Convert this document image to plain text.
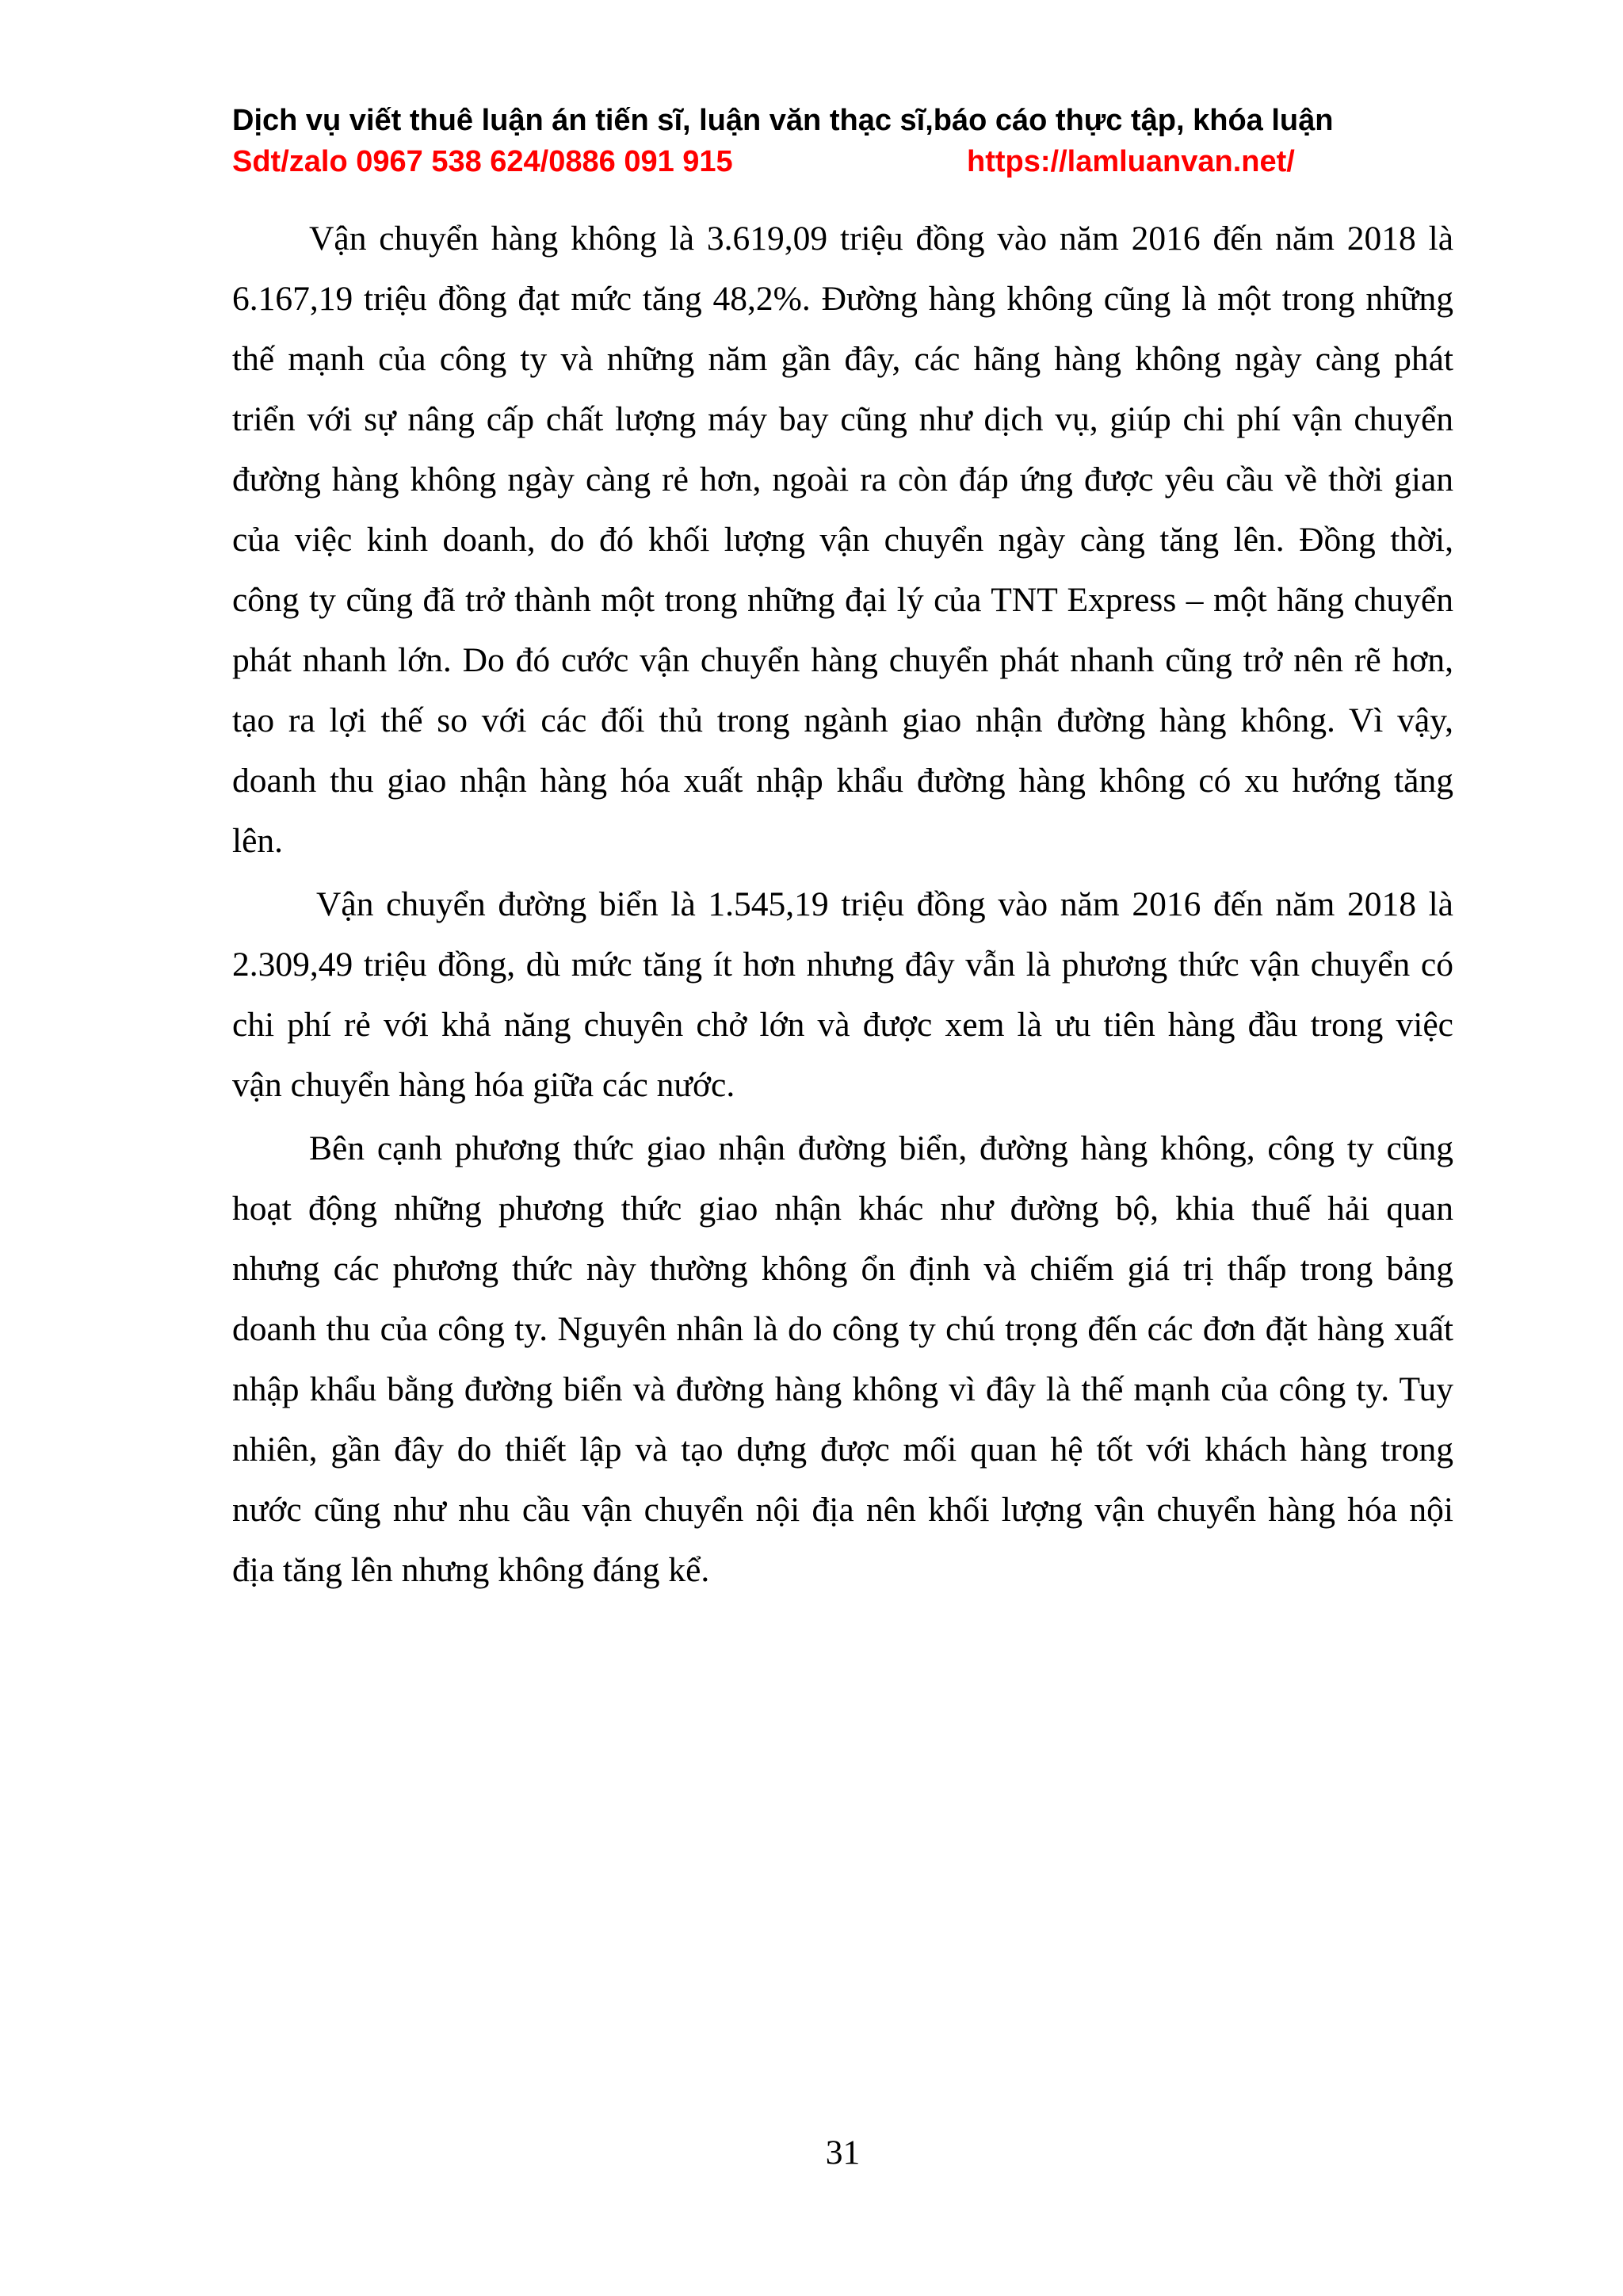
Dịch vụ viết thuê luận án tiến sĩ, luận văn thạc sĩ,báo cáo thực tập, khóa luận
Sdt/zalo 0967 538 624/0886 091 915	https://lamluanvan.net/
Vận chuyển hàng không là 3.619,09 triệu đồng vào năm 2016 đến năm 2018 là
6.167,19 triệu đồng đạt mức tăng 48,2%. Đường hàng không cũng là một trong những
thế mạnh của công ty và những năm gần đây, các hãng hàng không ngày càng phát
triển với sự nâng cấp chất lượng máy bay cũng như dịch vụ, giúp chi phí vận chuyển
đường hàng không ngày càng rẻ hơn, ngoài ra còn đáp ứng được yêu cầu về thời gian
của việc kinh doanh, do đó khối lượng vận chuyển ngày càng tăng lên. Đồng thời,
công ty cũng đã trở thành một trong những đại lý của TNT Express – một hãng chuyển
phát nhanh lớn. Do đó cước vận chuyển hàng chuyển phát nhanh cũng trở nên rẽ hơn,
tạo ra lợi thế so với các đối thủ trong ngành giao nhận đường hàng không. Vì vậy,
doanh thu giao nhận hàng hóa xuất nhập khẩu đường hàng không có xu hướng tăng
lên.
Vận chuyển đường biển là 1.545,19 triệu đồng vào năm 2016 đến năm 2018 là
2.309,49 triệu đồng, dù mức tăng ít hơn nhưng đây vẫn là phương thức vận chuyển có
chi phí rẻ với khả năng chuyên chở lớn và được xem là ưu tiên hàng đầu trong việc
vận chuyển hàng hóa giữa các nước.
Bên cạnh phương thức giao nhận đường biển, đường hàng không, công ty cũng
hoạt động những phương thức giao nhận khác như đường bộ, khia thuế hải quan
nhưng các phương thức này thường không ổn định và chiếm giá trị thấp trong bảng
doanh thu của công ty. Nguyên nhân là do công ty chú trọng đến các đơn đặt hàng xuất
nhập khẩu bằng đường biển và đường hàng không vì đây là thế mạnh của công ty. Tuy
nhiên, gần đây do thiết lập và tạo dựng được mối quan hệ tốt với khách hàng trong
nước cũng như nhu cầu vận chuyển nội địa nên khối lượng vận chuyển hàng hóa nội
địa tăng lên nhưng không đáng kể.
31
